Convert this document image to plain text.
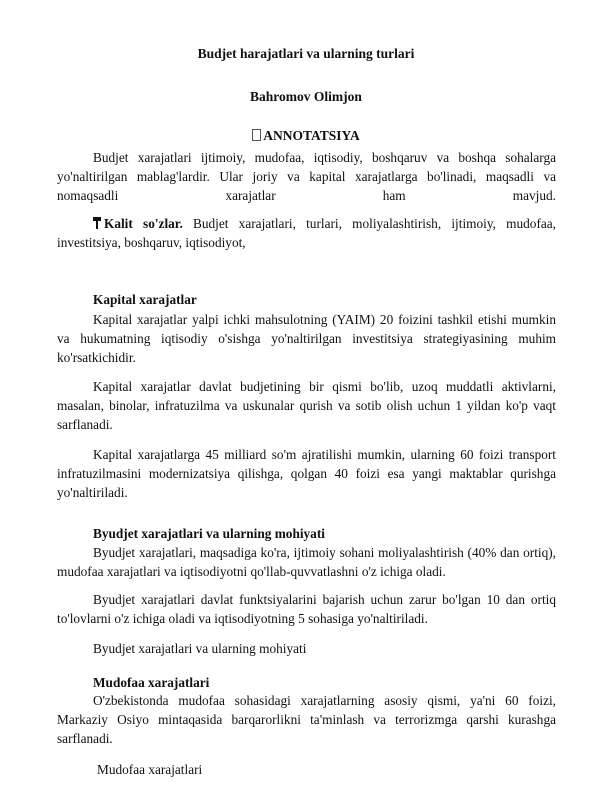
Budjet harajatlari va ularning turlari
Bahromov Olimjon
ANNOTATSIYA
Budjet xarajatlari ijtimoiy, mudofaa, iqtisodiy, boshqaruv va boshqa sohalarga yo'naltirilgan mablag'lardir. Ular joriy va kapital xarajatlarga bo'linadi, maqsadli va
nomaqsadli xarajatlar ham mavjud.
Kalit so'zlar. Budjet xarajatlari, turlari, moliyalashtirish, ijtimoiy, mudofaa, investitsiya, boshqaruv, iqtisodiyot,
Kapital xarajatlar
Kapital xarajatlar yalpi ichki mahsulotning (YAIM) 20 foizini tashkil etishi mumkin va hukumatning iqtisodiy o'sishga yo'naltirilgan investitsiya strategiyasining muhim ko'rsatkichidir.
Kapital xarajatlar davlat budjetining bir qismi bo'lib, uzoq muddatli aktivlarni, masalan, binolar, infratuzilma va uskunalar qurish va sotib olish uchun 1 yildan ko'p vaqt sarflanadi.
Kapital xarajatlarga 45 milliard so'm ajratilishi mumkin, ularning 60 foizi transport infratuzilmasini modernizatsiya qilishga, qolgan 40 foizi esa yangi maktablar qurishga yo'naltiriladi.
Byudjet xarajatlari va ularning mohiyati
Byudjet xarajatlari, maqsadiga ko'ra, ijtimoiy sohani moliyalashtirish (40% dan ortiq), mudofaa xarajatlari va iqtisodiyotni qo'llab-quvvatlashni o'z ichiga oladi.
Byudjet xarajatlari davlat funktsiyalarini bajarish uchun zarur bo'lgan 10 dan ortiq to'lovlarni o'z ichiga oladi va iqtisodiyotning 5 sohasiga yo'naltiriladi.
Byudjet xarajatlari va ularning mohiyati
Mudofaa xarajatlari
O'zbekistonda mudofaa sohasidagi xarajatlarning asosiy qismi, ya'ni 60 foizi, Markaziy Osiyo mintaqasida barqarorlikni ta'minlash va terrorizmga qarshi kurashga sarflanadi.
Mudofaa xarajatlari
